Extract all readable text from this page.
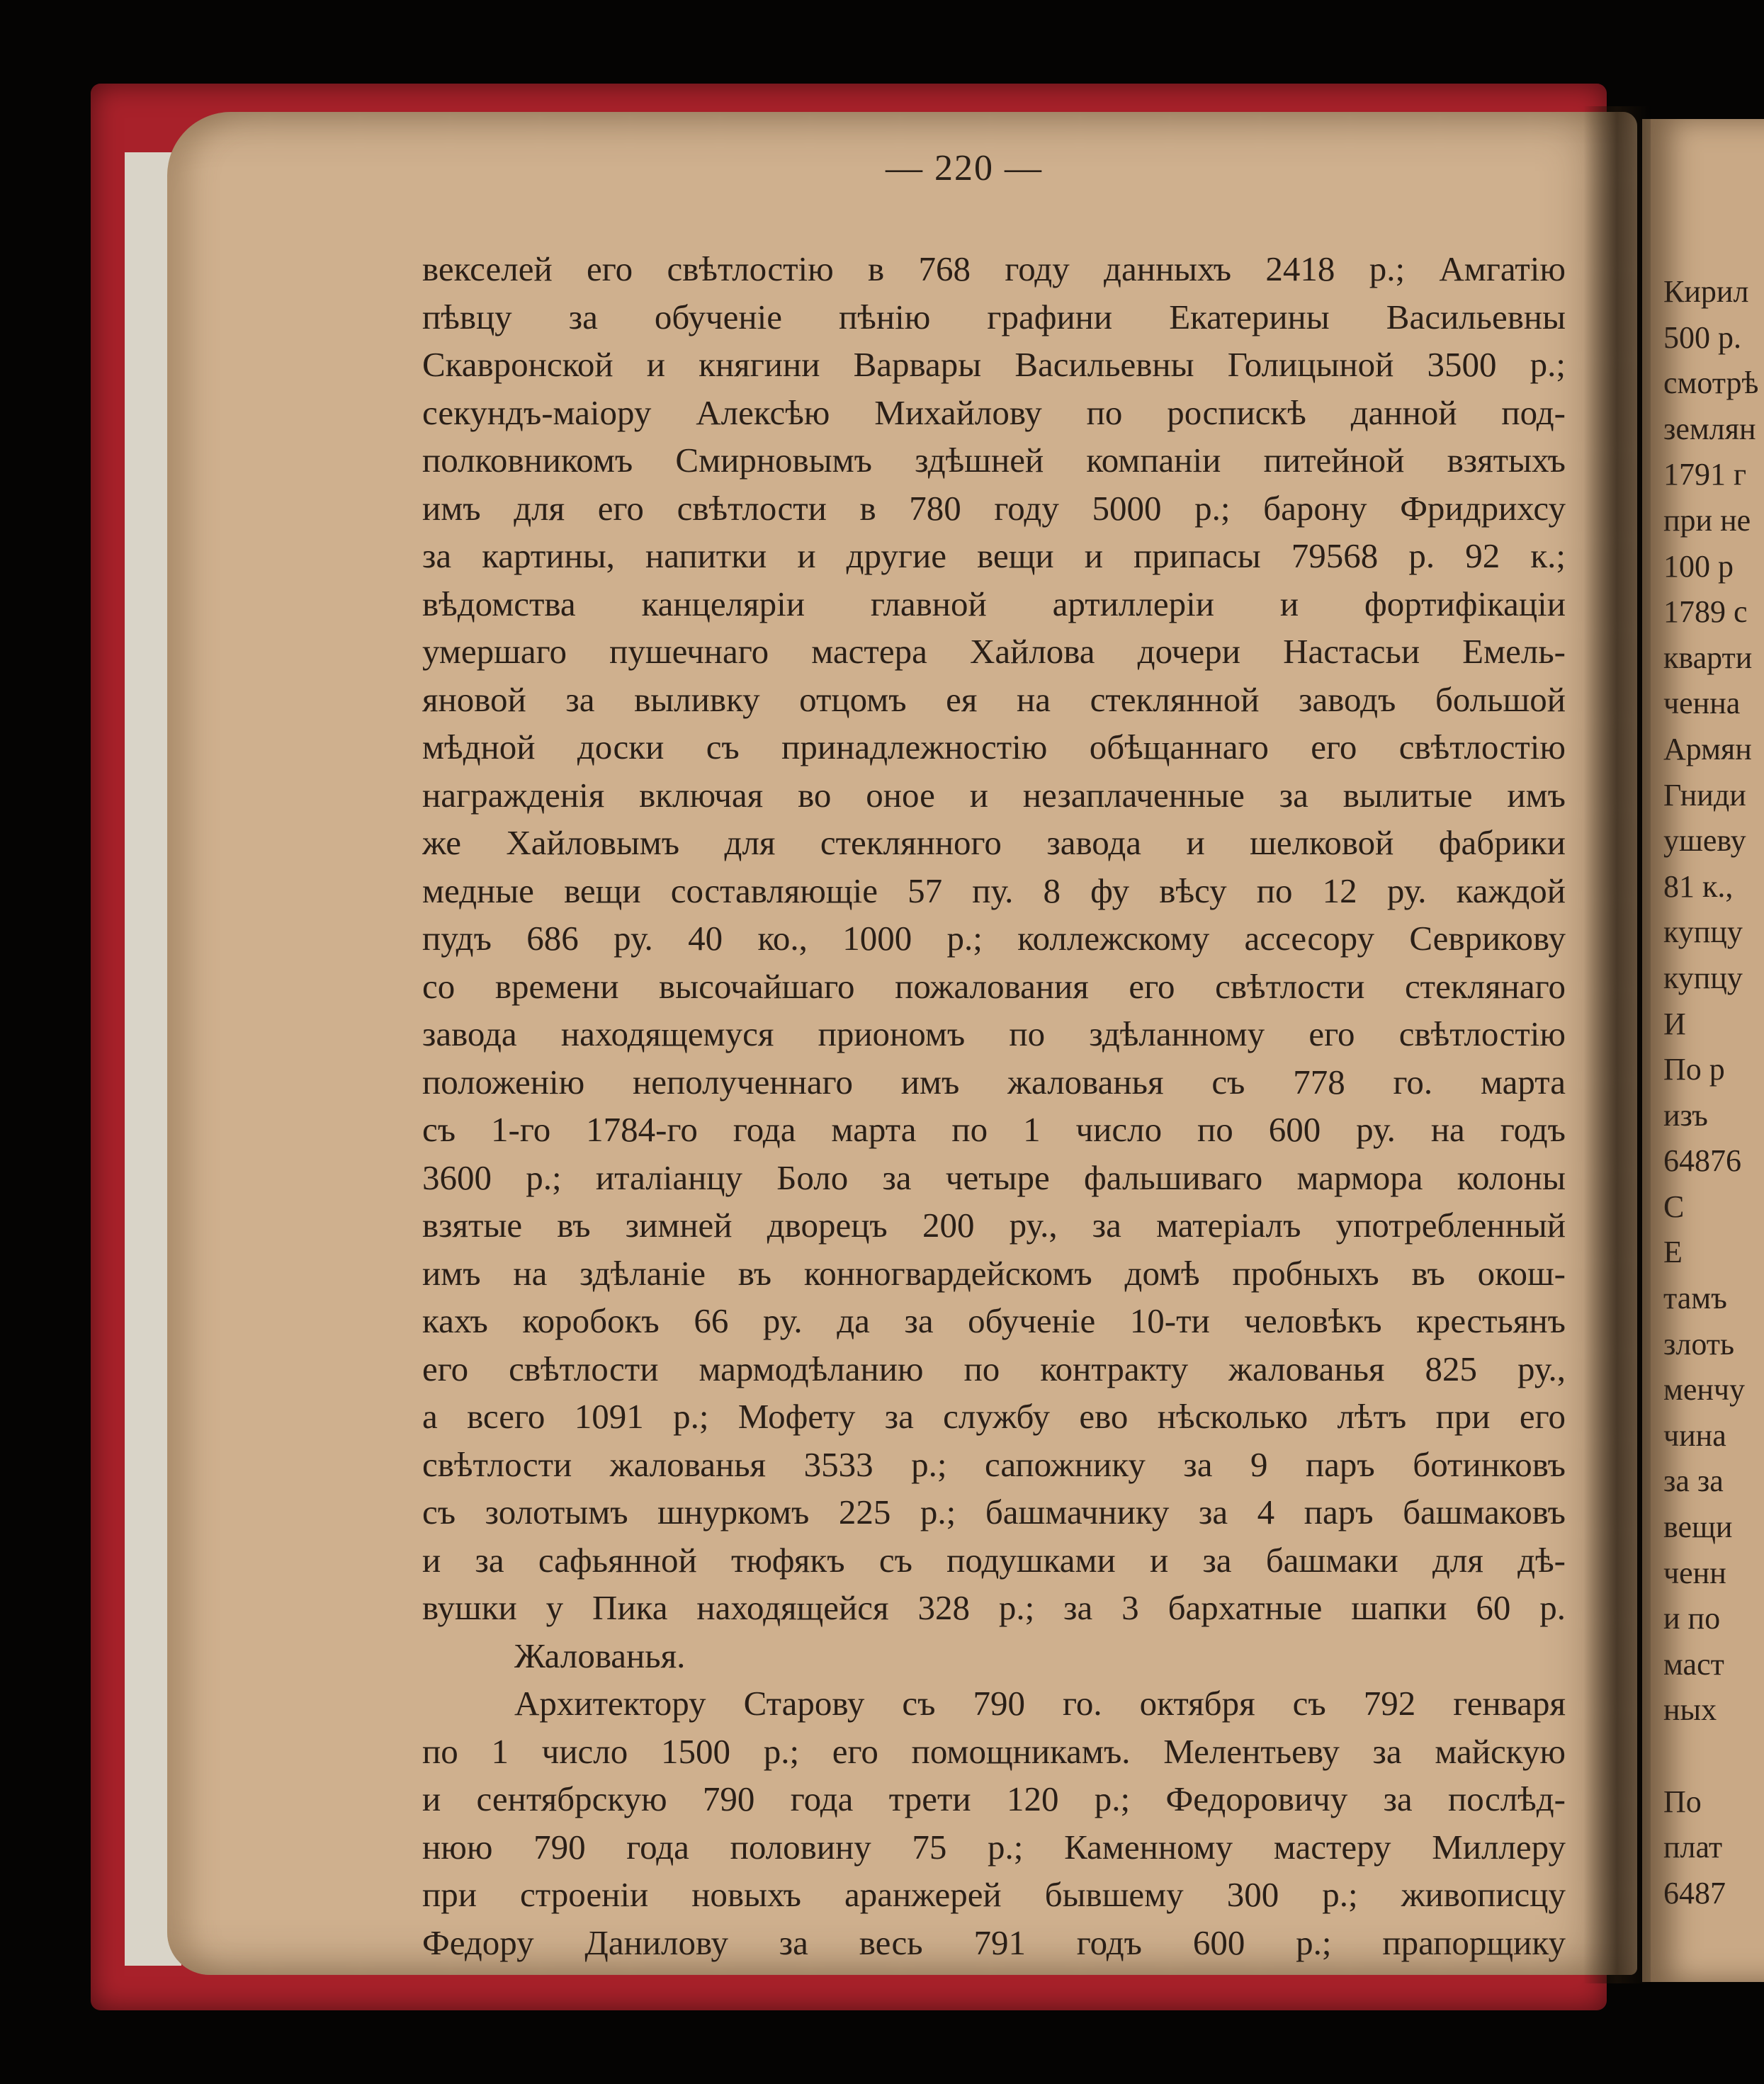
— 220 —
векселей его свѣтлостію в 768 году данныхъ 2418 р.; Амгатію
пѣвцу за обученіе пѣнію графини Екатерины Васильевны
Скавронской и княгини Варвары Васильевны Голицыной 3500 р.;
секундъ-маіору Алексѣю Михайлову по роспискѣ данной под-
полковникомъ Смирновымъ здѣшней компаніи питейной взятыхъ
имъ для его свѣтлости в 780 году 5000 р.; барону Фридрихсу
за картины, напитки и другие вещи и припасы 79568 р. 92 к.;
вѣдомства канцеляріи главной артиллеріи и фортифікаціи
умершаго пушечнаго мастера Хайлова дочери Настасьи Емель-
яновой за выливку отцомъ ея на стеклянной заводъ большой
мѣдной доски съ принадлежностію обѣщаннаго его свѣтлостію
награжденія включая во оное и незаплаченные за вылитые имъ
же Хайловымъ для стеклянного завода и шелковой фабрики
медные вещи составляющіе 57 пу. 8 фу вѣсу по 12 ру. каждой
пудъ 686 ру. 40 ко., 1000 р.; коллежскому ассесору Севрикову
со времени высочайшаго пожалования его свѣтлости стеклянаго
завода находящемуся приономъ по здѣланному его свѣтлостію
положенію неполученнаго имъ жалованья съ 778 го. марта
съ 1-го 1784-го года марта по 1 число по 600 ру. на годъ
3600 р.; италіанцу Боло за четыре фальшиваго мармора колоны
взятые въ зимней дворецъ 200 ру., за матеріалъ употребленный
имъ на здѣланіе въ конногвардейскомъ домѣ пробныхъ въ окош-
кахъ коробокъ 66 ру. да за обученіе 10-ти человѣкъ крестьянъ
его свѣтлости мармодѣланию по контракту жалованья 825 ру.,
а всего 1091 р.; Мофету за службу ево нѣсколько лѣтъ при его
свѣтлости жалованья 3533 р.; сапожнику за 9 паръ ботинковъ
съ золотымъ шнуркомъ 225 р.; башмачнику за 4 паръ башмаковъ
и за сафьянной тюфякъ съ подушками и за башмаки для дѣ-
вушки у Пика находящейся 328 р.; за 3 бархатные шапки 60 р.
Жалованья.
Архитектору Старову съ 790 го. октября съ 792 генваря
по 1 число 1500 р.; его помощникамъ. Мелентьеву за майскую
и сентябрскую 790 года трети 120 р.; Федоровичу за послѣд-
нюю 790 года половину 75 р.; Каменному мастеру Миллеру
при строеніи новыхъ аранжерей бывшему 300 р.; живописцу
Федору Данилову за весь 791 годъ 600 р.; прапорщику
Кирил
500 р.
смотрѣ
землян
1791 г
при не
100 р
1789 с
кварти
ченна
Армян
Гниди
ушеву
81 к.,
купцу
купцу
И
По р
изъ
64876
С
Е
тамъ
злоть
менчу
чина
за за
вещи
ченн
и по
маст
ных
По
плат
6487
